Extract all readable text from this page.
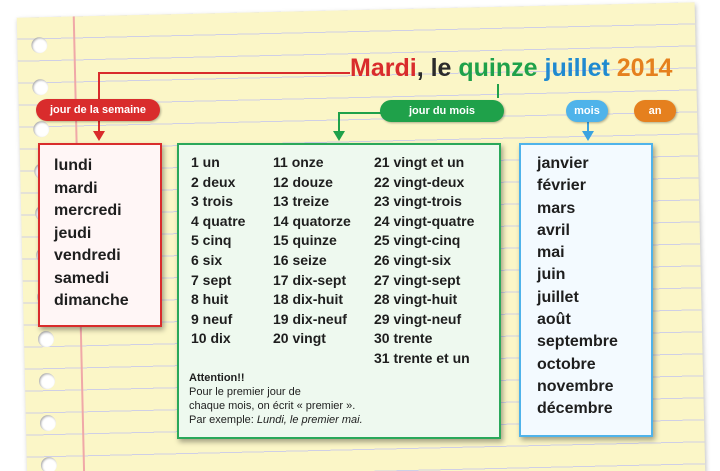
Mardi, le quinze juillet 2014
jour de la semaine	jour du mois	mois	an
lundi
mardi
mercredi
jeudi
vendredi
samedi
dimanche
1 un
2 deux
3 trois
4 quatre
5 cinq
6 six
7 sept
8 huit
9 neuf
10 dix
11 onze
12 douze
13 treize
14 quatorze
15 quinze
16 seize
17 dix-sept
18 dix-huit
19 dix-neuf
20 vingt
21 vingt et un
22 vingt-deux
23 vingt-trois
24 vingt-quatre
25 vingt-cinq
26 vingt-six
27 vingt-sept
28 vingt-huit
29 vingt-neuf
30 trente
31 trente et un
Attention!!
Pour le premier jour de
chaque mois, on écrit « premier ».
Par exemple: Lundi, le premier mai.
janvier
février
mars
avril
mai
juin
juillet
août
septembre
octobre
novembre
décembre
